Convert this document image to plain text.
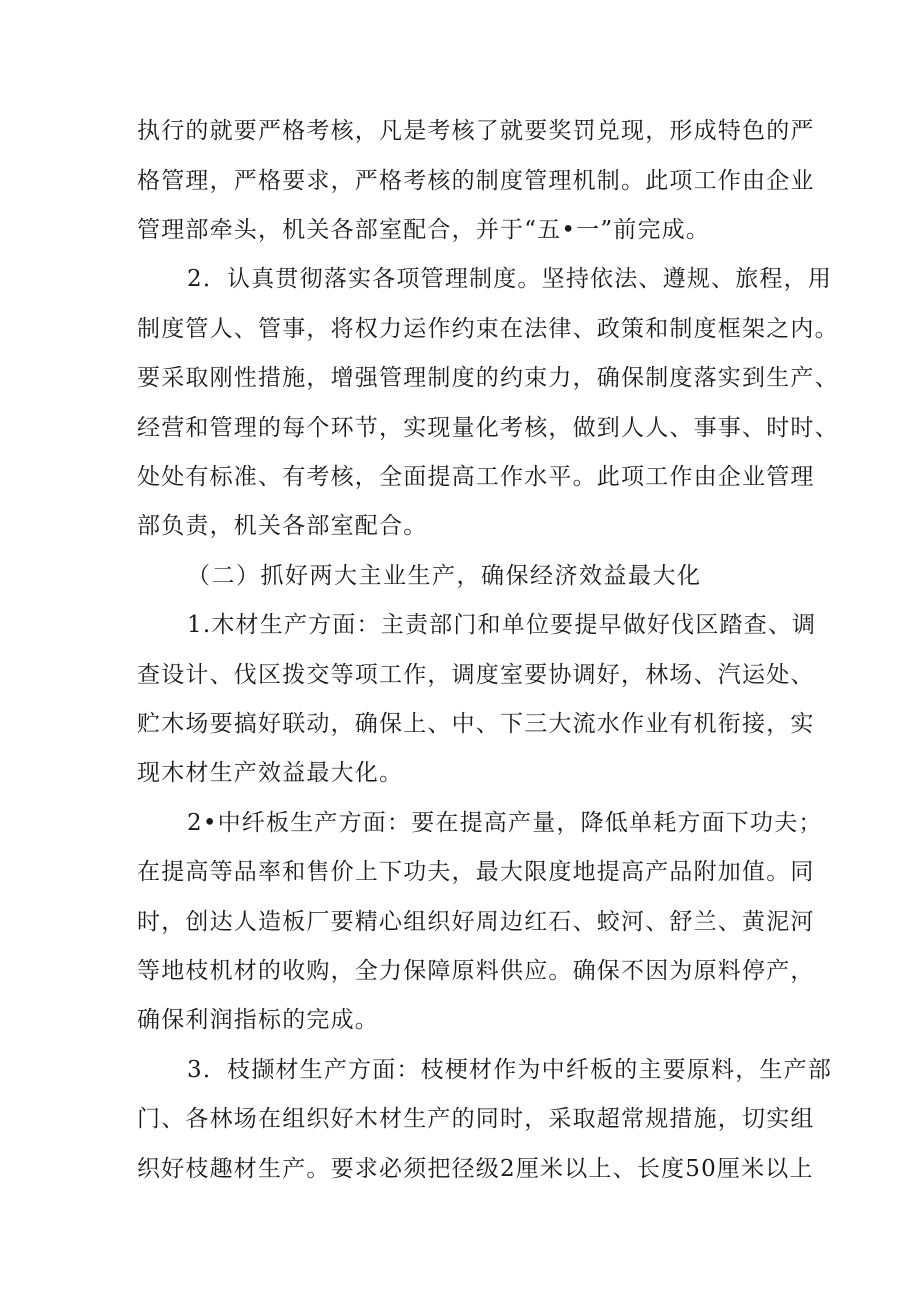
执行的就要严格考核，凡是考核了就要奖罚兑现，形成特色的严

格管理，严格要求，严格考核的制度管理机制。此项工作由企业

管理部牵头，机关各部室配合，并于“五•一”前完成。

2．认真贯彻落实各项管理制度。坚持依法、遵规、旅程，用

制度管人、管事，将权力运作约束在法律、政策和制度框架之内。

要采取刚性措施，增强管理制度的约束力，确保制度落实到生产、

经营和管理的每个环节，实现量化考核，做到人人、事事、时时、

处处有标准、有考核，全面提高工作水平。此项工作由企业管理

部负责，机关各部室配合。

（二）抓好两大主业生产，确保经济效益最大化

1.木材生产方面：主责部门和单位要提早做好伐区踏查、调

查设计、伐区拨交等项工作，调度室要协调好，林场、汽运处、

贮木场要搞好联动，确保上、中、下三大流水作业有机衔接，实

现木材生产效益最大化。

2•中纤板生产方面：要在提高产量，降低单耗方面下功夫；

在提高等品率和售价上下功夫，最大限度地提高产品附加值。同

时，创达人造板厂要精心组织好周边红石、蛟河、舒兰、黄泥河

等地枝机材的收购，全力保障原料供应。确保不因为原料停产，

确保利润指标的完成。

3．枝撷材生产方面：枝梗材作为中纤板的主要原料，生产部

门、各林场在组织好木材生产的同时，采取超常规措施，切实组

织好枝趣材生产。要求必须把径级2厘米以上、长度50厘米以上
